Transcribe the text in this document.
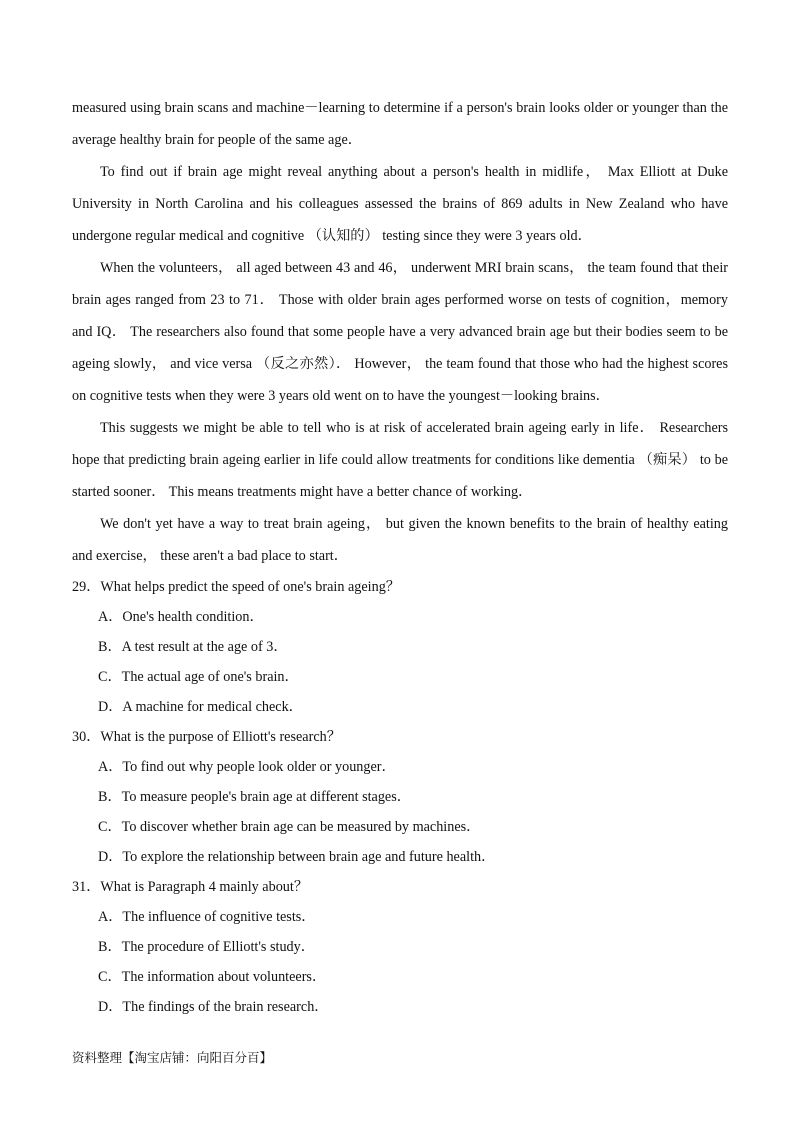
measured using brain scans and machine－learning to determine if a person's brain looks older or younger than the average healthy brain for people of the same age．

To find out if brain age might reveal anything about a person's health in midlife， Max Elliott at Duke University in North Carolina and his colleagues assessed the brains of 869 adults in New Zealand who have undergone regular medical and cognitive （认知的） testing since they were 3 years old．

When the volunteers， all aged between 43 and 46， underwent MRI brain scans， the team found that their brain ages ranged from 23 to 71． Those with older brain ages performed worse on tests of cognition，memory and IQ． The researchers also found that some people have a very advanced brain age but their bodies seem to be ageing slowly， and vice versa （反之亦然）． However， the team found that those who had the highest scores on cognitive tests when they were 3 years old went on to have the youngest－looking brains．

This suggests we might be able to tell who is at risk of accelerated brain ageing early in life． Researchers hope that predicting brain ageing earlier in life could allow treatments for conditions like dementia （痴呆） to be started sooner． This means treatments might have a better chance of working．

We don't yet have a way to treat brain ageing， but given the known benefits to the brain of healthy eating and exercise， these aren't a bad place to start．

29．What helps predict the speed of one's brain ageing？

A．One's health condition．

B．A test result at the age of 3．

C．The actual age of one's brain．

D．A machine for medical check．

30．What is the purpose of Elliott's research？

A．To find out why people look older or younger．

B．To measure people's brain age at different stages．

C．To discover whether brain age can be measured by machines．

D．To explore the relationship between brain age and future health．

31．What is Paragraph 4 mainly about？

A．The influence of cognitive tests．

B．The procedure of Elliott's study．

C．The information about volunteers．

D．The findings of the brain research．

资料整理【淘宝店铺：向阳百分百】
